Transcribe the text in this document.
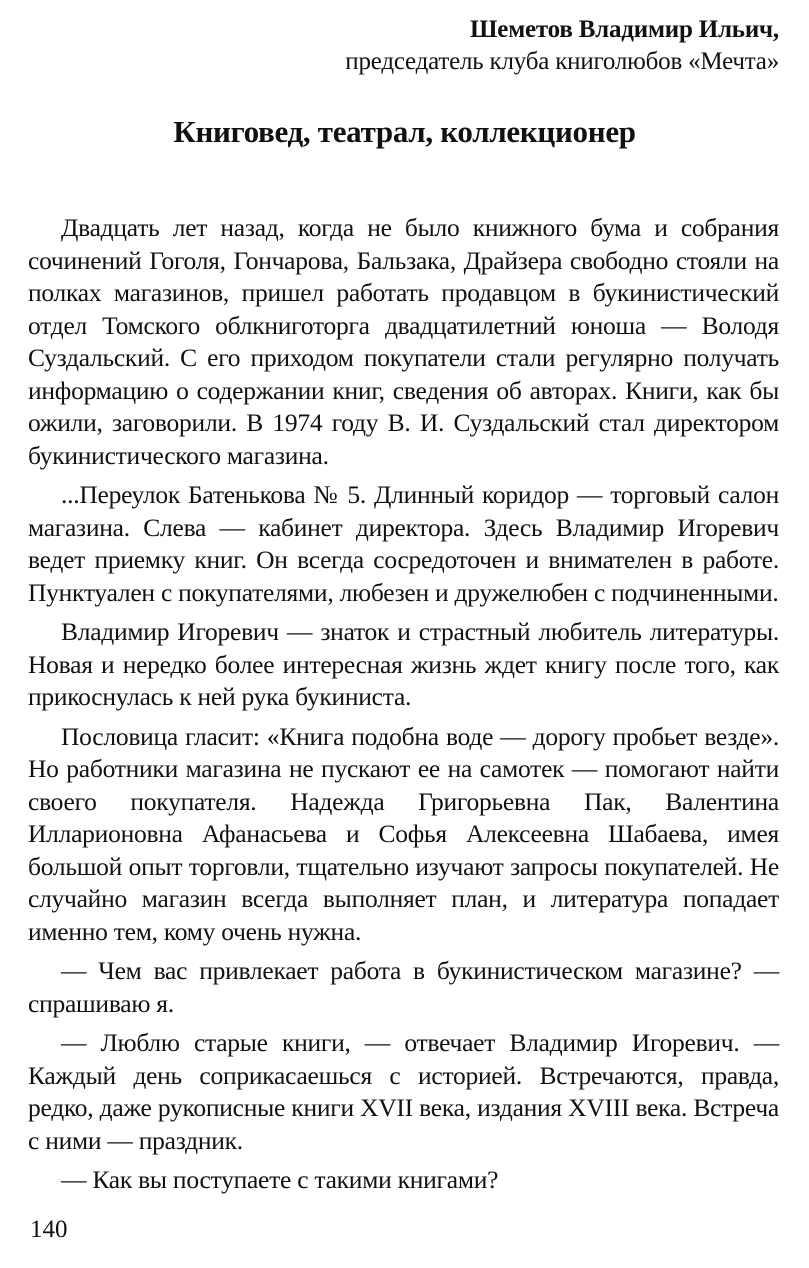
Шеметов Владимир Ильич,
председатель клуба книголюбов «Мечта»
Книговед, театрал, коллекционер

Двадцать лет назад, когда не было книжного бума и собрания сочинений Гоголя, Гончарова, Бальзака, Драйзера свободно стояли на полках магазинов, пришел работать продавцом в букинистический отдел Томского облкниготорга двадцатилетний юноша — Володя Суздальский. С его приходом покупатели стали регулярно получать информацию о содержании книг, сведения об авторах. Книги, как бы ожили, заговорили. В 1974 году В. И. Суздальский стал директором букинистического магазина.

...Переулок Батенькова № 5. Длинный коридор — торговый салон магазина. Слева — кабинет директора. Здесь Владимир Игоревич ведет приемку книг. Он всегда сосредоточен и внимателен в работе. Пунктуален с покупателями, любезен и дружелюбен с подчиненными.

Владимир Игоревич — знаток и страстный любитель литературы. Новая и нередко более интересная жизнь ждет книгу после того, как прикоснулась к ней рука букиниста.

Пословица гласит: «Книга подобна воде — дорогу пробьет везде». Но работники магазина не пускают ее на самотек — помогают найти своего покупателя. Надежда Григорьевна Пак, Валентина Илларионовна Афанасьева и Софья Алексеевна Шабаева, имея большой опыт торговли, тщательно изучают запросы покупателей. Не случайно магазин всегда выполняет план, и литература попадает именно тем, кому очень нужна.

— Чем вас привлекает работа в букинистическом магазине? — спрашиваю я.

— Люблю старые книги, — отвечает Владимир Игоревич. — Каждый день соприкасаешься с историей. Встречаются, правда, редко, даже рукописные книги XVII века, издания XVIII века. Встреча с ними — праздник.

— Как вы поступаете с такими книгами?

140
